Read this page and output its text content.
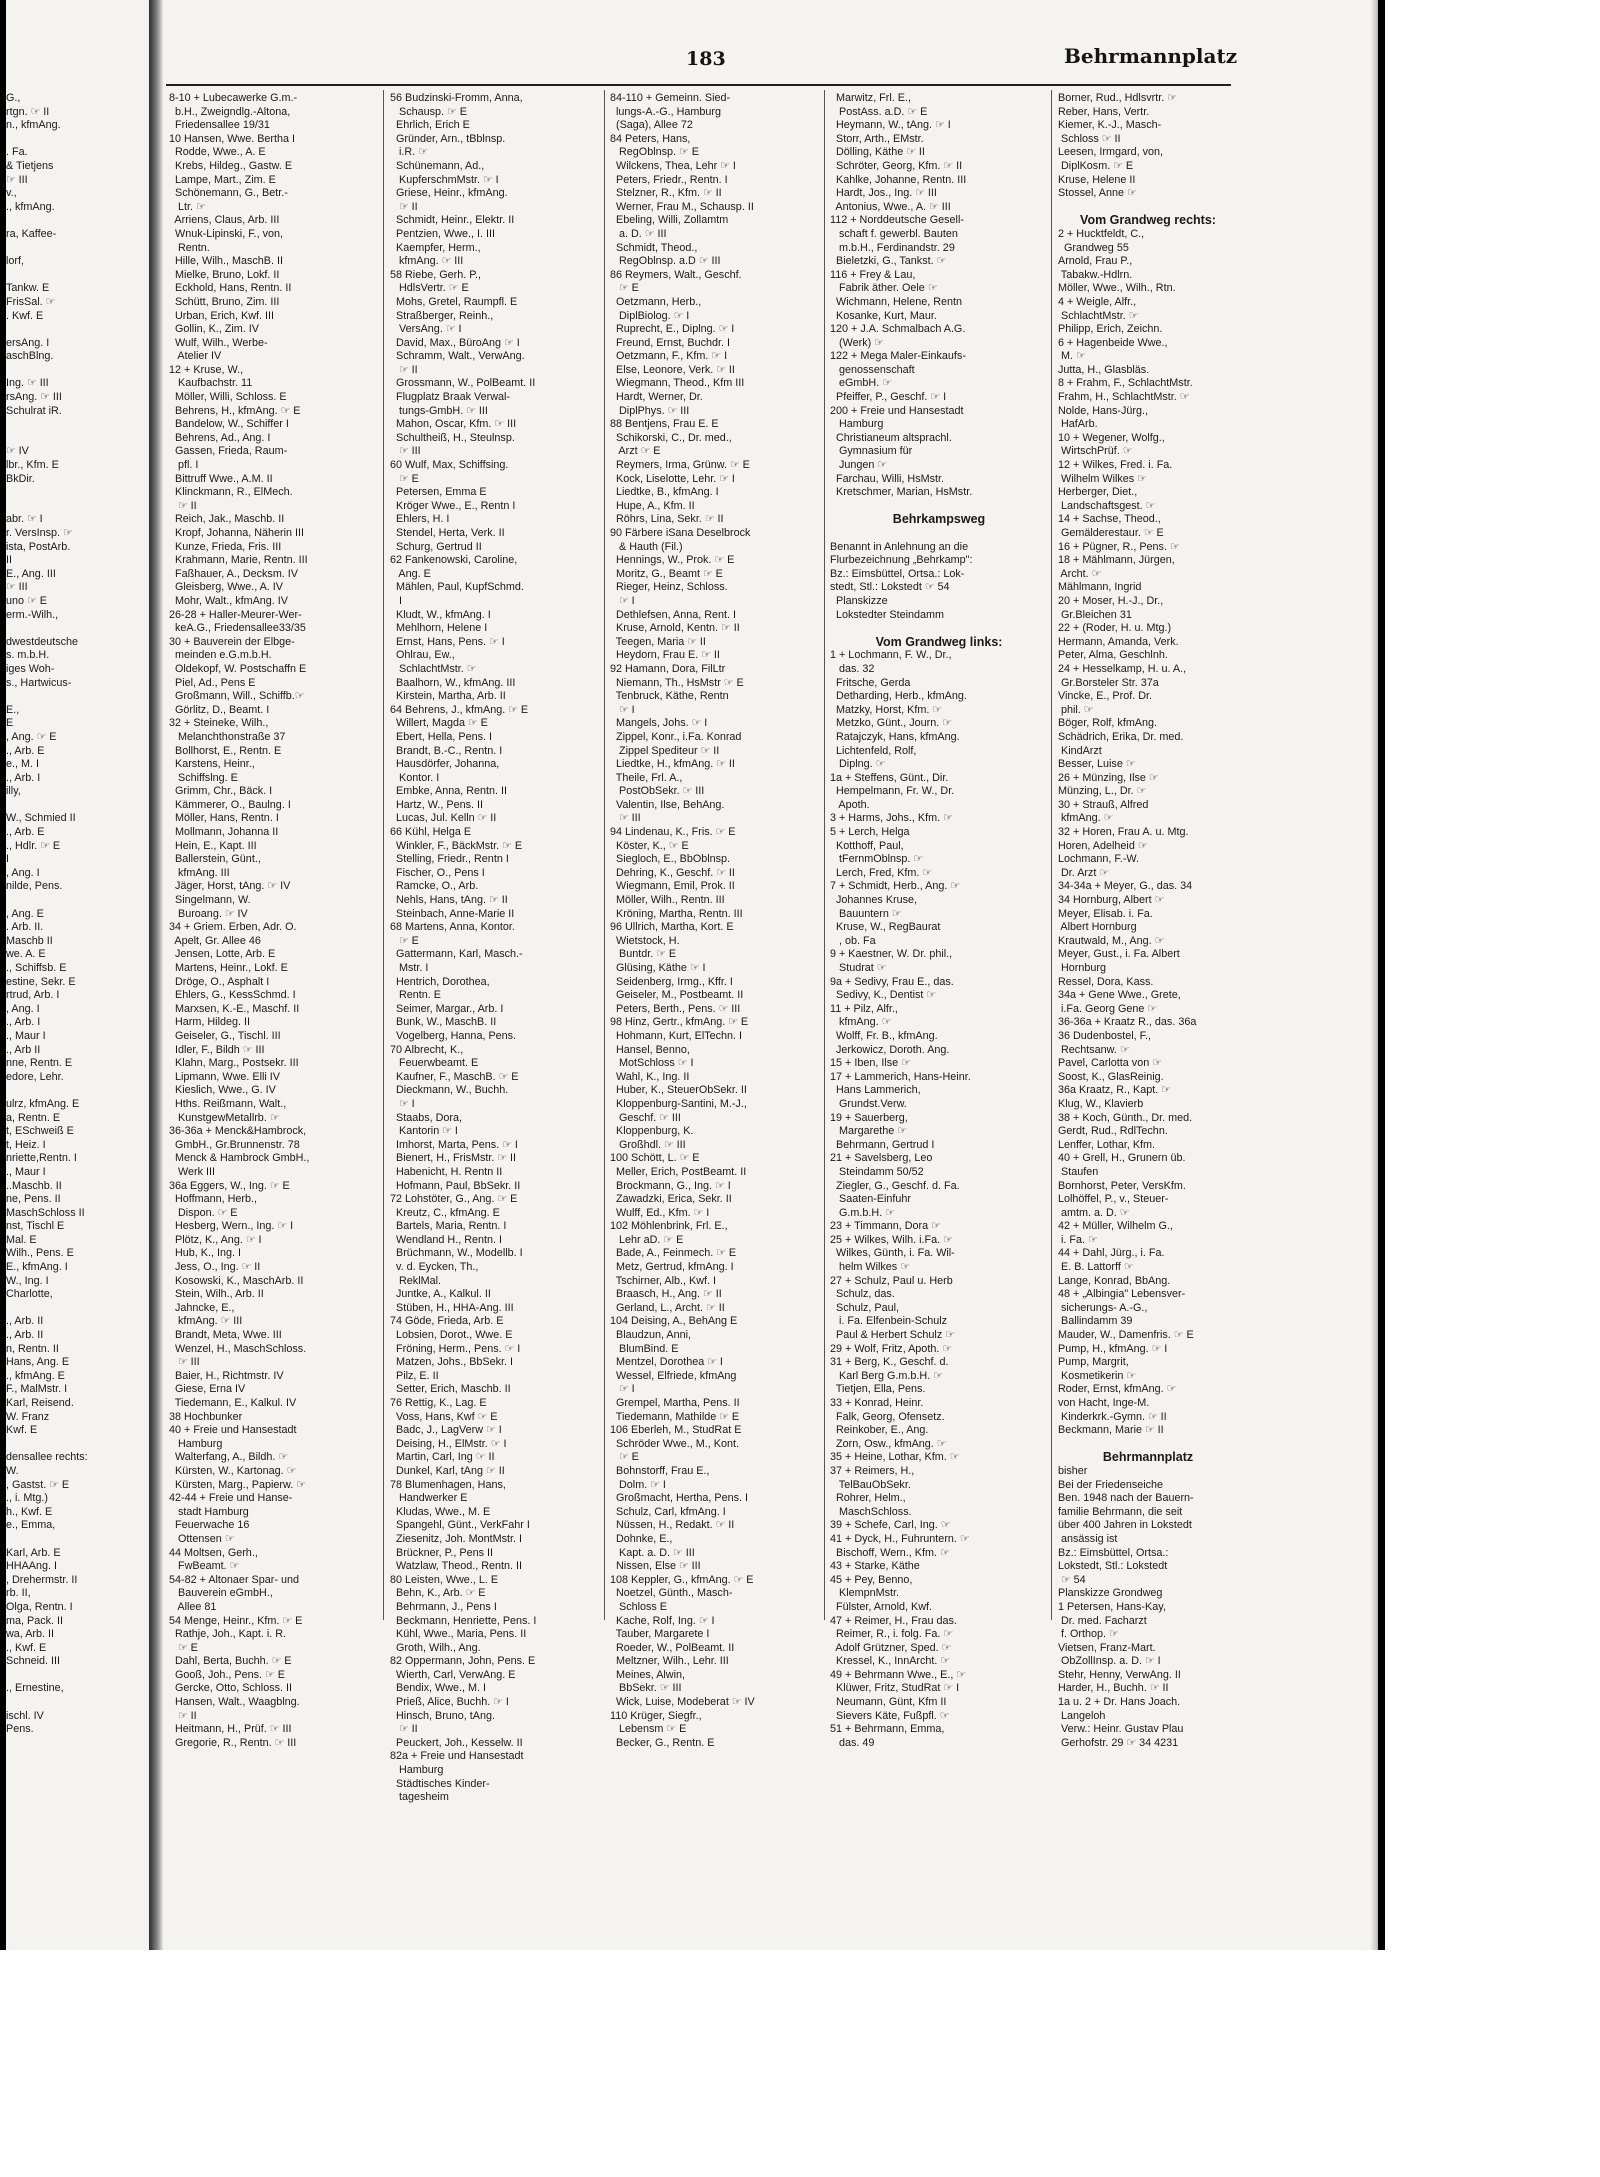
183	Behrmannplatz
G.,
rtgn. ☞ II
n., kfmAng.
. Fa.
& Tietjens
☞ III
v.,
., kfmAng.
ra, Kaffee-
lorf,
Tankw. E
FrisSal. ☞
. Kwf. E
ersAng. I
aschBlng.
Ing. ☞ III
rsAng. ☞ III
Schulrat iR.
☞ IV
lbr., Kfm. E
BkDir.
abr. ☞ I
r. VersInsp. ☞
ista, PostArb.
II
E., Ang. III
☞ III
uno ☞ E
erm.-Wilh.,
dwestdeutsche
s. m.b.H.
iges Woh-
s., Hartwicus-
E.,
E
, Ang. ☞ E
., Arb. E
e., M. I
., Arb. I
illy,
W., Schmied II
., Arb. E
., Hdlr. ☞ E
I
, Ang. I
nilde, Pens.
, Ang. E
. Arb. II.
Maschb II
we. A. E
., Schiffsb. E
estine, Sekr. E
rtrud, Arb. I
, Ang. I
., Arb. I
., Maur I
., Arb II
nne, Rentn. E
edore, Lehr.
ulrz, kfmAng. E
a, Rentn. E
t, ESchweiß E
t, Heiz. I
nriette,Rentn. I
., Maur I
..Maschb. II
ne, Pens. II
MaschSchloss II
nst, Tischl E
Mal. E
Wilh., Pens. E
E., kfmAng. I
W., Ing. I
Charlotte,
., Arb. II
., Arb. II
n, Rentn. II
Hans, Ang. E
., kfmAng. E
F., MalMstr. I
Karl, Reisend.
W. Franz
Kwf. E
densallee rechts:
W.
, Gastst. ☞ E
., i. Mtg.)
h., Kwf. E
e., Emma,
Karl, Arb. E
HHAAng. I
, Drehermstr. II
rb. II,
Olga, Rentn. I
ma, Pack. II
wa, Arb. II
., Kwf. E
Schneid. III
., Ernestine,
ischl. IV
Pens.
8-10 + Lubecawerke G.m.-
b.H., Zweigndlg.-Altona,
Friedensallee 19/31
10 Hansen, Wwe. Bertha I
Rodde, Wwe., A. E
Krebs, Hildeg., Gastw. E
Lampe, Mart., Zim. E
Schönemann, G., Betr.-
Ltr. ☞
Arriens, Claus, Arb. III
Wnuk-Lipinski, F., von,
Rentn.
Hille, Wilh., MaschB. II
Mielke, Bruno, Lokf. II
Eckhold, Hans, Rentn. II
Schütt, Bruno, Zim. III
Urban, Erich, Kwf. III
Gollin, K., Zim. IV
Wulf, Wilh., Werbe-
Atelier IV
12 + Kruse, W.,
Kaufbachstr. 11
Möller, Willi, Schloss. E
Behrens, H., kfmAng. ☞ E
Bandelow, W., Schiffer I
Behrens, Ad., Ang. I
Gassen, Frieda, Raum-
pfl. I
Bittruff Wwe., A.M. II
Klinckmann, R., ElMech.
☞ II
Reich, Jak., Maschb. II
Kropf, Johanna, Näherin III
Kunze, Frieda, Fris. III
Krahmann, Marie, Rentn. III
Faßhauer, A., Decksm. IV
Gleisberg, Wwe., A. IV
Mohr, Walt., kfmAng. IV
26-28 + Haller-Meurer-Wer-
keA.G., Friedensallee33/35
30 + Bauverein der Elbge-
meinden e.G.m.b.H.
Oldekopf, W. Postschaffn E
Piel, Ad., Pens E
Großmann, Will., Schiffb.☞
Görlitz, D., Beamt. I
32 + Steineke, Wilh.,
Melanchthonstraße 37
Bollhorst, E., Rentn. E
Karstens, Heinr.,
Schiffslng. E
Grimm, Chr., Bäck. I
Kämmerer, O., Baulng. I
Möller, Hans, Rentn. I
Mollmann, Johanna II
Hein, E., Kapt. III
Ballerstein, Günt.,
kfmAng. III
Jäger, Horst, tAng. ☞ IV
Singelmann, W.
Buroang. ☞ IV
34 + Griem. Erben, Adr. O.
Apelt, Gr. Allee 46
Jensen, Lotte, Arb. E
Martens, Heinr., Lokf. E
Dröge, O., Asphalt I
Ehlers, G., KessSchmd. I
Marxsen, K.-E., Maschf. II
Harm, Hildeg. II
Geiseler, G., Tischl. III
Idler, F., Bildh ☞ III
Klahn, Marg., Postsekr. III
Lipmann, Wwe. Elli IV
Kieslich, Wwe., G. IV
Hths. Reißmann, Walt.,
KunstgewMetallrb. ☞
36-36a + Menck&Hambrock,
GmbH., Gr.Brunnenstr. 78
Menck & Hambrock GmbH.,
Werk III
36a Eggers, W., Ing. ☞ E
Hoffmann, Herb.,
Dispon. ☞ E
Hesberg, Wern., Ing. ☞ I
Plötz, K., Ang. ☞ I
Hub, K., Ing. I
Jess, O., Ing. ☞ II
Kosowski, K., MaschArb. II
Stein, Wilh., Arb. II
Jahncke, E.,
kfmAng. ☞ III
Brandt, Meta, Wwe. III
Wenzel, H., MaschSchloss.
☞ III
Baier, H., Richtmstr. IV
Giese, Erna IV
Tiedemann, E., Kalkul. IV
38 Hochbunker
40 + Freie und Hansestadt
Hamburg
Walterfang, A., Bildh. ☞
Kürsten, W., Kartonag. ☞
Kürsten, Marg., Papierw. ☞
42-44 + Freie und Hanse-
stadt Hamburg
Feuerwache 16
Ottensen ☞
44 Moltsen, Gerh.,
FwBeamt. ☞
54-82 + Altonaer Spar- und
Bauverein eGmbH.,
Allee 81
54 Menge, Heinr., Kfm. ☞ E
Rathje, Joh., Kapt. i. R.
☞ E
Dahl, Berta, Buchh. ☞ E
Gooß, Joh., Pens. ☞ E
Gercke, Otto, Schloss. II
Hansen, Walt., Waagblng.
☞ II
Heitmann, H., Prüf. ☞ III
Gregorie, R., Rentn. ☞ III
56 Budzinski-Fromm, Anna,
Schausp. ☞ E
Ehrlich, Erich E
Gründer, Arn., tBblnsp.
i.R. ☞
Schünemann, Ad.,
KupferschmMstr. ☞ I
Griese, Heinr., kfmAng.
☞ II
Schmidt, Heinr., Elektr. II
Pentzien, Wwe., I. III
Kaempfer, Herm.,
kfmAng. ☞ III
58 Riebe, Gerh. P.,
HdlsVertr. ☞ E
Mohs, Gretel, Raumpfl. E
Straßberger, Reinh.,
VersAng. ☞ I
David, Max., BüroAng ☞ I
Schramm, Walt., VerwAng.
☞ II
Grossmann, W., PolBeamt. II
Flugplatz Braak Verwal-
tungs-GmbH. ☞ III
Mahon, Oscar, Kfm. ☞ III
Schultheiß, H., Steulnsp.
☞ III
60 Wulf, Max, Schiffsing.
☞ E
Petersen, Emma E
Kröger Wwe., E., Rentn I
Ehlers, H. I
Stendel, Herta, Verk. II
Schurg, Gertrud II
62 Fankenowski, Caroline,
Ang. E
Mählen, Paul, KupfSchmd.
I
Kludt, W., kfmAng. I
Mehlhorn, Helene I
Ernst, Hans, Pens. ☞ I
Ohlrau, Ew.,
SchlachtMstr. ☞
Baalhorn, W., kfmAng. III
Kirstein, Martha, Arb. II
64 Behrens, J., kfmAng. ☞ E
Willert, Magda ☞ E
Ebert, Hella, Pens. I
Brandt, B.-C., Rentn. I
Hausdörfer, Johanna,
Kontor. I
Embke, Anna, Rentn. II
Hartz, W., Pens. II
Lucas, Jul. Kelln ☞ II
66 Kühl, Helga E
Winkler, F., BäckMstr. ☞ E
Stelling, Friedr., Rentn I
Fischer, O., Pens I
Ramcke, O., Arb.
Nehls, Hans, tAng. ☞ II
Steinbach, Anne-Marie II
68 Martens, Anna, Kontor.
☞ E
Gattermann, Karl, Masch.-
Mstr. I
Hentrich, Dorothea,
Rentn. E
Seimer, Margar., Arb. I
Bunk, W., MaschB. II
Vogelberg, Hanna, Pens.
70 Albrecht, K.,
Feuerwbeamt. E
Kaufner, F., MaschB. ☞ E
Dieckmann, W., Buchh.
☞ I
Staabs, Dora,
Kantorin ☞ I
Imhorst, Marta, Pens. ☞ I
Bienert, H., FrisMstr. ☞ II
Habenicht, H. Rentn II
Hofmann, Paul, BbSekr. II
72 Lohstöter, G., Ang. ☞ E
Kreutz, C., kfmAng. E
Bartels, Maria, Rentn. I
Wendland H., Rentn. I
Brüchmann, W., Modellb. I
v. d. Eycken, Th.,
ReklMal.
Juntke, A., Kalkul. II
Stüben, H., HHA-Ang. III
74 Göde, Frieda, Arb. E
Lobsien, Dorot., Wwe. E
Fröning, Herm., Pens. ☞ I
Matzen, Johs., BbSekr. I
Pilz, E. II
Setter, Erich, Maschb. II
76 Rettig, K., Lag. E
Voss, Hans, Kwf ☞ E
Badc, J., LagVerw ☞ I
Deising, H., ElMstr. ☞ I
Martin, Carl, Ing ☞ II
Dunkel, Karl, tAng ☞ II
78 Blumenhagen, Hans,
Handwerker E
Kludas, Wwe., M. E
Spangehl, Günt., VerkFahr I
Ziesenitz, Joh. MontMstr. I
Brückner, P., Pens II
Watzlaw, Theod., Rentn. II
80 Leisten, Wwe., L. E
Behn, K., Arb. ☞ E
Behrmann, J., Pens I
Beckmann, Henriette, Pens. I
Kühl, Wwe., Maria, Pens. II
Groth, Wilh., Ang.
82 Oppermann, John, Pens. E
Wierth, Carl, VerwAng. E
Bendix, Wwe., M. I
Prieß, Alice, Buchh. ☞ I
Hinsch, Bruno, tAng.
☞ II
Peuckert, Joh., Kesselw. II
82a + Freie und Hansestadt
Hamburg
Städtisches Kinder-
tagesheim
84-110 + Gemeinn. Sied-
lungs-A.-G., Hamburg
(Saga), Allee 72
84 Peters, Hans,
RegOblnsp. ☞ E
Wilckens, Thea, Lehr ☞ I
Peters, Friedr., Rentn. I
Stelzner, R., Kfm. ☞ II
Werner, Frau M., Schausp. II
Ebeling, Willi, Zollamtm
a. D. ☞ III
Schmidt, Theod.,
RegOblnsp. a.D ☞ III
86 Reymers, Walt., Geschf.
☞ E
Oetzmann, Herb.,
DiplBiolog. ☞ I
Ruprecht, E., Diplng. ☞ I
Freund, Ernst, Buchdr. I
Oetzmann, F., Kfm. ☞ I
Else, Leonore, Verk. ☞ II
Wiegmann, Theod., Kfm III
Hardt, Werner, Dr.
DiplPhys. ☞ III
88 Bentjens, Frau E. E
Schikorski, C., Dr. med.,
Arzt ☞ E
Reymers, Irma, Grünw. ☞ E
Kock, Liselotte, Lehr. ☞ I
Liedtke, B., kfmAng. I
Hupe, A., Kfm. II
Röhrs, Lina, Sekr. ☞ II
90 Färbere iSana Deselbrock
& Hauth (Fil.)
Hennings, W., Prok. ☞ E
Moritz, G., Beamt ☞ E
Rieger, Heinz, Schloss.
☞ I
Dethlefsen, Anna, Rent. I
Kruse, Arnold, Kentn. ☞ II
Teegen, Maria ☞ II
Heydorn, Frau E. ☞ II
92 Hamann, Dora, FilLtr
Niemann, Th., HsMstr ☞ E
Tenbruck, Käthe, Rentn
☞ I
Mangels, Johs. ☞ I
Zippel, Konr., i.Fa. Konrad
Zippel Spediteur ☞ II
Liedtke, H., kfmAng. ☞ II
Theile, Frl. A.,
PostObSekr. ☞ III
Valentin, Ilse, BehAng.
☞ III
94 Lindenau, K., Fris. ☞ E
Köster, K., ☞ E
Siegloch, E., BbOblnsp.
Dehring, K., Geschf. ☞ II
Wiegmann, Emil, Prok. II
Möller, Wilh., Rentn. III
Kröning, Martha, Rentn. III
96 Ullrich, Martha, Kort. E
Wietstock, H.
Buntdr. ☞ E
Glüsing, Käthe ☞ I
Seidenberg, Irmg., Kffr. I
Geiseler, M., Postbeamt. II
Peters, Berth., Pens. ☞ III
98 Hinz, Gertr., kfmAng. ☞ E
Hohmann, Kurt, ElTechn. I
Hansel, Benno,
MotSchloss ☞ I
Wahl, K., Ing. II
Huber, K., SteuerObSekr. II
Kloppenburg-Santini, M.-J.,
Geschf. ☞ III
Kloppenburg, K.
Großhdl. ☞ III
100 Schött, L. ☞ E
Meller, Erich, PostBeamt. II
Brockmann, G., Ing. ☞ I
Zawadzki, Erica, Sekr. II
Wulff, Ed., Kfm. ☞ I
102 Möhlenbrink, Frl. E.,
Lehr aD. ☞ E
Bade, A., Feinmech. ☞ E
Metz, Gertrud, kfmAng. I
Tschirner, Alb., Kwf. I
Braasch, H., Ang. ☞ II
Gerland, L., Archt. ☞ II
104 Deising, A., BehAng E
Blaudzun, Anni,
BlumBind. E
Mentzel, Dorothea ☞ I
Wessel, Elfriede, kfmAng
☞ I
Grempel, Martha, Pens. II
Tiedemann, Mathilde ☞ E
106 Eberleh, M., StudRat E
Schröder Wwe., M., Kont.
☞ E
Bohnstorff, Frau E.,
Dolm. ☞ I
Großmacht, Hertha, Pens. I
Schulz, Carl, kfmAng. I
Nüssen, H., Redakt. ☞ II
Dohnke, E.,
Kapt. a. D. ☞ III
Nissen, Else ☞ III
108 Keppler, G., kfmAng. ☞ E
Noetzel, Günth., Masch-
Schloss E
Kache, Rolf, Ing. ☞ I
Tauber, Margarete I
Roeder, W., PolBeamt. II
Meltzner, Wilh., Lehr. III
Meines, Alwin,
BbSekr. ☞ III
Wick, Luise, Modeberat ☞ IV
110 Krüger, Siegfr.,
Lebensm ☞ E
Becker, G., Rentn. E
Marwitz, Frl. E.,
PostAss. a.D. ☞ E
Heymann, W., tAng. ☞ I
Storr, Arth., EMstr.
Dölling, Käthe ☞ II
Schröter, Georg, Kfm. ☞ II
Kahlke, Johanne, Rentn. III
Hardt, Jos., Ing. ☞ III
Antonius, Wwe., A. ☞ III
112 + Norddeutsche Gesell-
schaft f. gewerbl. Bauten
m.b.H., Ferdinandstr. 29
Bieletzki, G., Tankst. ☞
116 + Frey & Lau,
Fabrik äther. Oele ☞
Wichmann, Helene, Rentn
Kosanke, Kurt, Maur.
120 + J.A. Schmalbach A.G.
(Werk) ☞
122 + Mega Maler-Einkaufs-
genossenschaft
eGmbH. ☞
Pfeiffer, P., Geschf. ☞ I
200 + Freie und Hansestadt
Hamburg
Christianeum altsprachl.
Gymnasium für
Jungen ☞
Farchau, Willi, HsMstr.
Kretschmer, Marian, HsMstr.
Behrkampsweg
Benannt in Anlehnung an die
Flurbezeichnung „Behrkamp":
Bz.: Eimsbüttel, Ortsa.: Lok-
stedt, Stl.: Lokstedt ☞ 54
Planskizze
Lokstedter Steindamm
Vom Grandweg links:
1 + Lochmann, F. W., Dr.,
das. 32
Fritsche, Gerda
Detharding, Herb., kfmAng.
Matzky, Horst, Kfm. ☞
Metzko, Günt., Journ. ☞
Ratajczyk, Hans, kfmAng.
Lichtenfeld, Rolf,
Diplng. ☞
1a + Steffens, Günt., Dir.
Hempelmann, Fr. W., Dr.
Apoth.
3 + Harms, Johs., Kfm. ☞
5 + Lerch, Helga
Kotthoff, Paul,
tFernmOblnsp. ☞
Lerch, Fred, Kfm. ☞
7 + Schmidt, Herb., Ang. ☞
Johannes Kruse,
Bauuntern ☞
Kruse, W., RegBaurat
, ob. Fa
9 + Kaestner, W. Dr. phil.,
Studrat ☞
9a + Sedivy, Frau E., das.
Sedivy, K., Dentist ☞
11 + Pilz, Alfr.,
kfmAng. ☞
Wolff, Fr. B., kfmAng.
Jerkowicz, Doroth. Ang.
15 + Iben, Ilse ☞
17 + Lammerich, Hans-Heinr.
Hans Lammerich,
Grundst.Verw.
19 + Sauerberg,
Margarethe ☞
Behrmann, Gertrud I
21 + Savelsberg, Leo
Steindamm 50/52
Ziegler, G., Geschf. d. Fa.
Saaten-Einfuhr
G.m.b.H. ☞
23 + Timmann, Dora ☞
25 + Wilkes, Wilh. i.Fa. ☞
Wilkes, Günth, i. Fa. Wil-
helm Wilkes ☞
27 + Schulz, Paul u. Herb
Schulz, das.
Schulz, Paul,
i. Fa. Elfenbein-Schulz
Paul & Herbert Schulz ☞
29 + Wolf, Fritz, Apoth. ☞
31 + Berg, K., Geschf. d.
Karl Berg G.m.b.H. ☞
Tietjen, Ella, Pens.
33 + Konrad, Heinr.
Falk, Georg, Ofensetz.
Reinkober, E., Ang.
Zorn, Osw., kfmAng. ☞
35 + Heine, Lothar, Kfm. ☞
37 + Reimers, H.,
TelBauObSekr.
Rohrer, Helm.,
MaschSchloss.
39 + Schefe, Carl, Ing. ☞
41 + Dyck, H., Fuhruntern. ☞
Bischoff, Wern., Kfm. ☞
43 + Starke, Käthe
45 + Pey, Benno,
KlempnMstr.
Fülster, Arnold, Kwf.
47 + Reimer, H., Frau das.
Reimer, R., i. folg. Fa. ☞
Adolf Grützner, Sped. ☞
Kressel, K., InnArcht. ☞
49 + Behrmann Wwe., E., ☞
Klüwer, Fritz, StudRat ☞ I
Neumann, Günt, Kfm II
Sievers Käte, Fußpfl. ☞
51 + Behrmann, Emma,
das. 49
Borner, Rud., Hdlsvrtr. ☞
Reber, Hans, Vertr.
Kiemer, K.-J., Masch-
Schloss ☞ II
Leesen, Irmgard, von,
DiplKosm. ☞ E
Kruse, Helene II
Stossel, Anne ☞
Vom Grandweg rechts:
2 + Hucktfeldt, C.,
Grandweg 55
Arnold, Frau P.,
Tabakw.-Hdlrn.
Möller, Wwe., Wilh., Rtn.
4 + Weigle, Alfr.,
SchlachtMstr. ☞
Philipp, Erich, Zeichn.
6 + Hagenbeide Wwe.,
M. ☞
Jutta, H., Glasbläs.
8 + Frahm, F., SchlachtMstr.
Frahm, H., SchlachtMstr. ☞
Nolde, Hans-Jürg.,
HafArb.
10 + Wegener, Wolfg.,
WirtschPrüf. ☞
12 + Wilkes, Fred. i. Fa.
Wilhelm Wilkes ☞
Herberger, Diet.,
Landschaftsgest. ☞
14 + Sachse, Theod.,
Gemälderestaur. ☞ E
16 + Pügner, R., Pens. ☞
18 + Mählmann, Jürgen,
Archt. ☞
Mählmann, Ingrid
20 + Moser, H.-J., Dr.,
Gr.Bleichen 31
22 + (Roder, H. u. Mtg.)
Hermann, Amanda, Verk.
Peter, Alma, Geschlnh.
24 + Hesselkamp, H. u. A.,
Gr.Borsteler Str. 37a
Vincke, E., Prof. Dr.
phil. ☞
Böger, Rolf, kfmAng.
Schädrich, Erika, Dr. med.
KindArzt
Besser, Luise ☞
26 + Münzing, Ilse ☞
Münzing, L., Dr. ☞
30 + Strauß, Alfred
kfmAng. ☞
32 + Horen, Frau A. u. Mtg.
Horen, Adelheid ☞
Lochmann, F.-W.
Dr. Arzt ☞
34-34a + Meyer, G., das. 34
34 Hornburg, Albert ☞
Meyer, Elisab. i. Fa.
Albert Hornburg
Krautwald, M., Ang. ☞
Meyer, Gust., i. Fa. Albert
Hornburg
Ressel, Dora, Kass.
34a + Gene Wwe., Grete,
i.Fa. Georg Gene ☞
36-36a + Kraatz R., das. 36a
36 Dudenbostel, F.,
Rechtsanw. ☞
Pavel, Carlotta von ☞
Soost, K., GlasReinig.
36a Kraatz, R., Kapt. ☞
Klug, W., Klavierb
38 + Koch, Günth., Dr. med.
Gerdt, Rud., RdlTechn.
Lenffer, Lothar, Kfm.
40 + Grell, H., Grunern üb.
Staufen
Bornhorst, Peter, VersKfm.
Lolhöffel, P., v., Steuer-
amtm. a. D. ☞
42 + Müller, Wilhelm G.,
i. Fa. ☞
44 + Dahl, Jürg., i. Fa.
E. B. Lattorff ☞
Lange, Konrad, BbAng.
48 + „Albingia" Lebensver-
sicherungs- A.-G.,
Ballindamm 39
Mauder, W., Damenfris. ☞ E
Pump, H., kfmAng. ☞ I
Pump, Margrit,
Kosmetikerin ☞
Roder, Ernst, kfmAng. ☞
von Hacht, Inge-M.
Kinderkrk.-Gymn. ☞ II
Beckmann, Marie ☞ II
Behrmannplatz
bisher
Bei der Friedenseiche
Ben. 1948 nach der Bauern-
familie Behrmann, die seit
über 400 Jahren in Lokstedt
ansässig ist
Bz.: Eimsbüttel, Ortsa.:
Lokstedt, Stl.: Lokstedt
☞ 54
Planskizze Grondweg
1 Petersen, Hans-Kay,
Dr. med. Facharzt
f. Orthop. ☞
Vietsen, Franz-Mart.
ObZollInsp. a. D. ☞ I
Stehr, Henny, VerwAng. II
Harder, H., Buchh. ☞ II
1a u. 2 + Dr. Hans Joach.
Langeloh
Verw.: Heinr. Gustav Plau
Gerhofstr. 29 ☞ 34 4231
